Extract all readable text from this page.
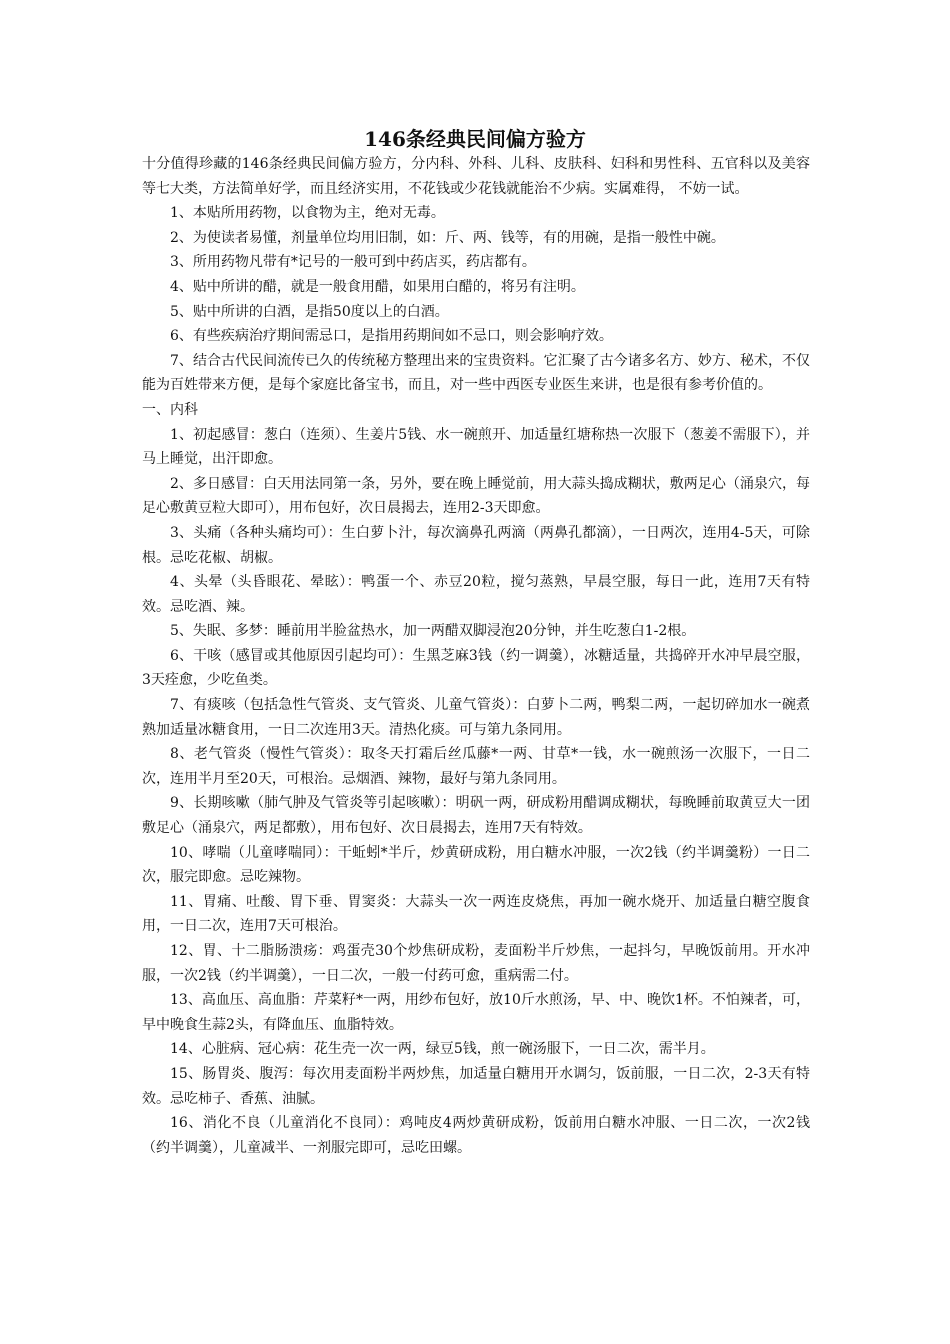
146条经典民间偏方验方

十分值得珍藏的146条经典民间偏方验方，分内科、外科、儿科、皮肤科、妇科和男性科、五官科以及美容等七大类，方法简单好学，而且经济实用，不花钱或少花钱就能治不少病。实属难得， 不妨一试。

1、本贴所用药物，以食物为主，绝对无毒。

2、为使读者易懂，剂量单位均用旧制，如：斤、两、钱等，有的用碗，是指一般性中碗。

3、所用药物凡带有*记号的一般可到中药店买，药店都有。

4、贴中所讲的醋，就是一般食用醋，如果用白醋的，将另有注明。

5、贴中所讲的白酒，是指50度以上的白酒。

6、有些疾病治疗期间需忌口，是指用药期间如不忌口，则会影响疗效。

7、结合古代民间流传已久的传统秘方整理出来的宝贵资料。它汇聚了古今诸多名方、妙方、秘术，不仅能为百姓带来方便，是每个家庭比备宝书，而且，对一些中西医专业医生来讲，也是很有参考价值的。

一、内科

1、初起感冒：葱白（连须）、生姜片5钱、水一碗煎开、加适量红塘称热一次服下（葱姜不需服下），并马上睡觉，出汗即愈。

2、多日感冒：白天用法同第一条，另外，要在晚上睡觉前，用大蒜头捣成糊状，敷两足心（涌泉穴，每足心敷黄豆粒大即可），用布包好，次日晨揭去，连用2-3天即愈。

3、头痛（各种头痛均可）：生白萝卜汁，每次滴鼻孔两滴（两鼻孔都滴），一日两次，连用4-5天，可除根。忌吃花椒、胡椒。

4、头晕（头昏眼花、晕眩）：鸭蛋一个、赤豆20粒，搅匀蒸熟，早晨空服，每日一此，连用7天有特效。忌吃酒、辣。

5、失眠、多梦：睡前用半脸盆热水，加一两醋双脚浸泡20分钟，并生吃葱白1-2根。

6、干咳（感冒或其他原因引起均可）：生黑芝麻3钱（约一调羹），冰糖适量，共捣碎开水冲早晨空服，3天痊愈，少吃鱼类。

7、有痰咳（包括急性气管炎、支气管炎、儿童气管炎）：白萝卜二两，鸭梨二两，一起切碎加水一碗煮熟加适量冰糖食用，一日二次连用3天。清热化痰。可与第九条同用。

8、老气管炎（慢性气管炎）：取冬天打霜后丝瓜藤*一两、甘草*一钱，水一碗煎汤一次服下，一日二次，连用半月至20天，可根治。忌烟酒、辣物，最好与第九条同用。

9、长期咳嗽（肺气肿及气管炎等引起咳嗽）：明矾一两，研成粉用醋调成糊状，每晚睡前取黄豆大一团敷足心（涌泉穴，两足都敷），用布包好、次日晨揭去，连用7天有特效。

10、哮喘（儿童哮喘同）：干蚯蚓*半斤，炒黄研成粉，用白糖水冲服，一次2钱（约半调羹粉）一日二次，服完即愈。忌吃辣物。

11、胃痛、吐酸、胃下垂、胃窦炎：大蒜头一次一两连皮烧焦，再加一碗水烧开、加适量白糖空腹食用，一日二次，连用7天可根治。

12、胃、十二脂肠溃疡：鸡蛋壳30个炒焦研成粉，麦面粉半斤炒焦，一起抖匀，早晚饭前用。开水冲服，一次2钱（约半调羹），一日二次，一般一付药可愈，重病需二付。

13、高血压、高血脂：芹菜籽*一两，用纱布包好，放10斤水煎汤，早、中、晚饮1杯。不怕辣者，可，早中晚食生蒜2头，有降血压、血脂特效。

14、心脏病、冠心病：花生壳一次一两，绿豆5钱，煎一碗汤服下，一日二次，需半月。

15、肠胃炎、腹泻：每次用麦面粉半两炒焦，加适量白糖用开水调匀，饭前服，一日二次，2-3天有特效。忌吃柿子、香蕉、油腻。

16、消化不良（儿童消化不良同）：鸡吨皮4两炒黄研成粉，饭前用白糖水冲服、一日二次，一次2钱（约半调羹），儿童减半、一剂服完即可，忌吃田螺。
